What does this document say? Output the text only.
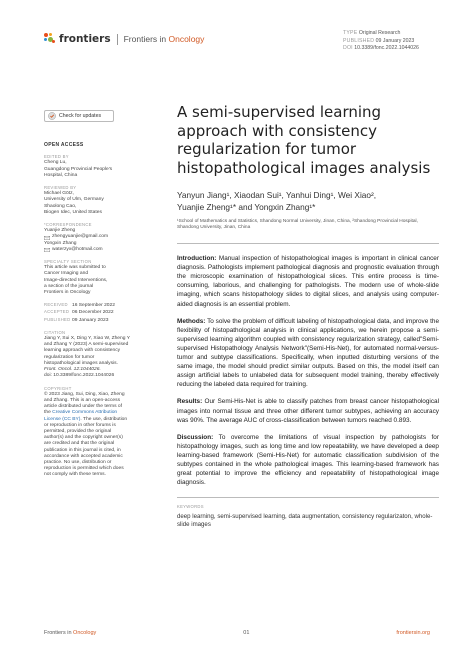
frontiers Frontiers in Oncology
TYPE Original Research
PUBLISHED 09 January 2023
DOI 10.3389/fonc.2022.1044026
Check for updates
OPEN ACCESS
EDITED BY
Cheng Lu,
Guangdong Provincial People's
Hospital, China
REVIEWED BY
Michael Götz,
University of Ulm, Germany
Shaolong Cao,
Biogen Idec, United States
*CORRESPONDENCE
Yuanjie Zheng
zhengyuanjie@gmail.com
Yongxin Zhang
waterzyx@hotmail.com
SPECIALTY SECTION
This article was submitted to
Cancer Imaging and
Image-directed Interventions,
a section of the journal
Frontiers in Oncology
RECEIVED 16 September 2022
ACCEPTED 06 December 2022
PUBLISHED 09 January 2023
CITATION
Jiang Y, Sui X, Ding Y, Xiao W, Zheng Y
and Zhang Y (2023) A semi-supervised
learning approach with consistency
regularization for tumor
histopathological images analysis.
Front. Oncol. 12:1044026.
doi: 10.3389/fonc.2022.1044026
COPYRIGHT
© 2023 Jiang, Sui, Ding, Xiao, Zheng
and Zhang. This is an open-access
article distributed under the terms of
the Creative Commons Attribution
License (CC BY). The use, distribution
or reproduction in other forums is
permitted, provided the original
author(s) and the copyright owner(s)
are credited and that the original
publication in this journal is cited, in
accordance with accepted academic
practice. No use, distribution or
reproduction is permitted which does
not comply with these terms.
A semi-supervised learning approach with consistency regularization for tumor histopathological images analysis
Yanyun Jiang¹, Xiaodan Sui¹, Yanhui Ding¹, Wei Xiao²,
Yuanjie Zheng¹* and Yongxin Zhang¹*
¹School of Mathematics and Statistics, Shandong Normal University, Jinan, China, ²Shandong Provincial Hospital, Shandong University, Jinan, China

Introduction: Manual inspection of histopathological images is important in clinical cancer diagnosis. Pathologists implement pathological diagnosis and prognostic evaluation through the microscopic examination of histopathological slices. This entire process is time-consuming, laborious, and challenging for pathologists. The modern use of whole-slide imaging, which scans histopathology slides to digital slices, and analysis using computer-aided diagnosis is an essential problem.

Methods: To solve the problem of difficult labeling of histopathological data, and improve the flexibility of histopathological analysis in clinical applications, we herein propose a semi-supervised learning algorithm coupled with consistency regularization strategy, called"Semi- supervised Histopathology Analysis Network"(Semi-His-Net), for automated normal-versus-tumor and subtype classifications. Specifically, when inputted disturbing versions of the same image, the model should predict similar outputs. Based on this, the model itself can assign artificial labels to unlabeled data for subsequent model training, thereby effectively reducing the labeled data required for training.

Results: Our Semi-His-Net is able to classify patches from breast cancer histopathological images into normal tissue and three other different tumor subtypes, achieving an accuracy was 90%. The average AUC of cross-classification between tumors reached 0.893.

Discussion: To overcome the limitations of visual inspection by pathologists for histopathology images, such as long time and low repeatability, we have developed a deep learning-based framework (Semi-His-Net) for automatic classification subdivision of the subtypes contained in the whole pathological images. This learning-based framework has great potential to improve the efficiency and repeatability of histopathological image diagnosis.

KEYWORDS
deep learning, semi-supervised learning, data augmentation, consistency regularizaton, whole-slide images
Frontiers in Oncology	01	frontiersin.org
